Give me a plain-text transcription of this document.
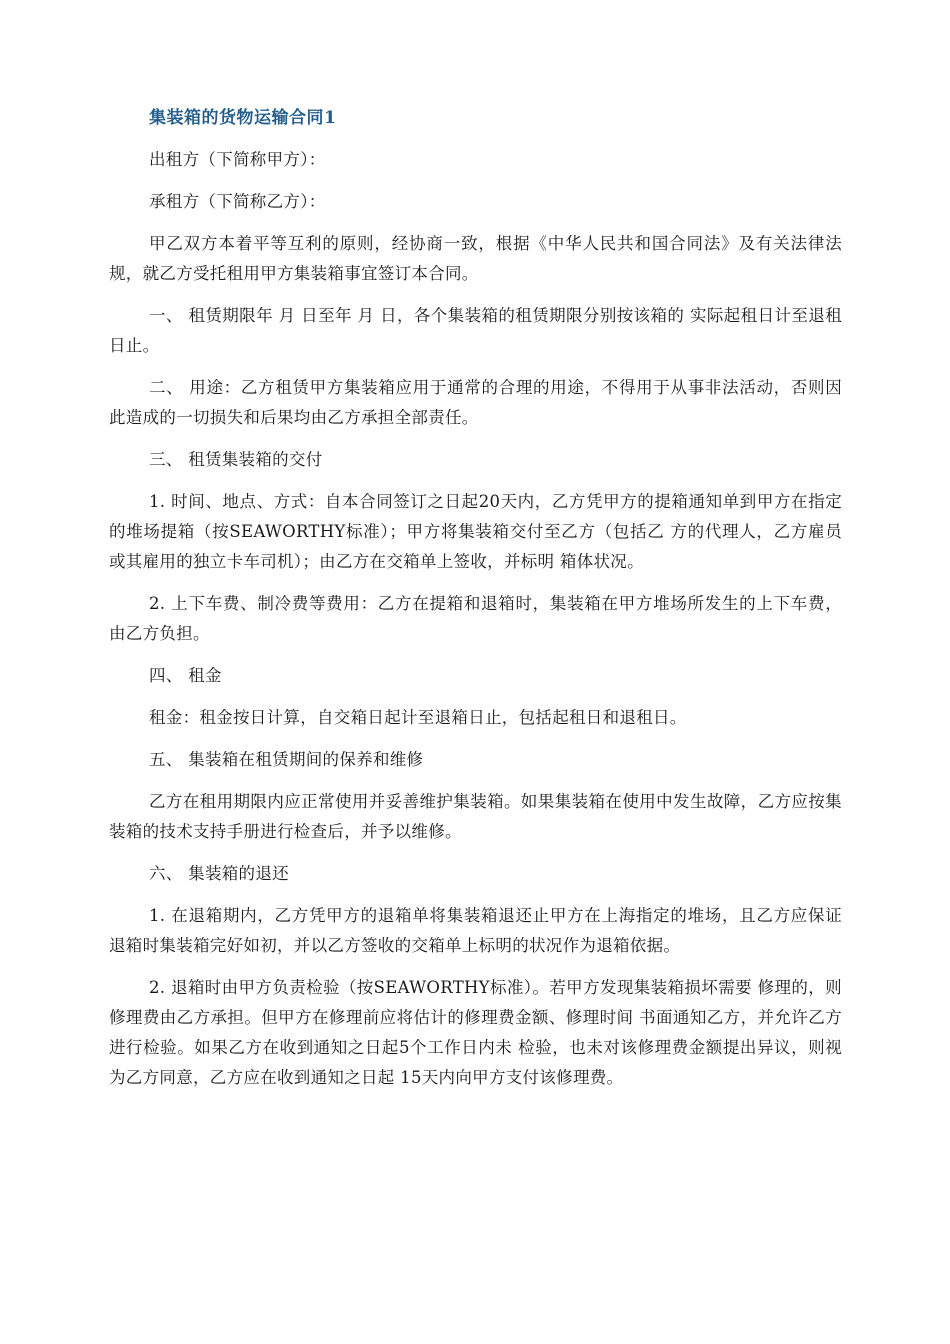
集装箱的货物运输合同1

出租方（下简称甲方）：

承租方（下简称乙方）：

甲乙双方本着平等互利的原则，经协商一致，根据《中华人民共和国合同法》及有关法律法规，就乙方受托租用甲方集装箱事宜签订本合同。

一、 租赁期限年 月 日至年 月 日，各个集装箱的租赁期限分别按该箱的 实际起租日计至退租日止。

二、 用途：乙方租赁甲方集装箱应用于通常的合理的用途，不得用于从事非法活动，否则因此造成的一切损失和后果均由乙方承担全部责任。

三、 租赁集装箱的交付

1. 时间、地点、方式：自本合同签订之日起20天内，乙方凭甲方的提箱通知单到甲方在指定的堆场提箱（按SEAWORTHY标准）；甲方将集装箱交付至乙方（包括乙 方的代理人，乙方雇员或其雇用的独立卡车司机）；由乙方在交箱单上签收，并标明 箱体状况。

2. 上下车费、制冷费等费用：乙方在提箱和退箱时，集装箱在甲方堆场所发生的上下车费，由乙方负担。

四、 租金

租金：租金按日计算，自交箱日起计至退箱日止，包括起租日和退租日。

五、 集装箱在租赁期间的保养和维修

乙方在租用期限内应正常使用并妥善维护集装箱。如果集装箱在使用中发生故障，乙方应按集装箱的技术支持手册进行检查后，并予以维修。

六、 集装箱的退还

1. 在退箱期内，乙方凭甲方的退箱单将集装箱退还止甲方在上海指定的堆场，且乙方应保证退箱时集装箱完好如初，并以乙方签收的交箱单上标明的状况作为退箱依据。

2. 退箱时由甲方负责检验（按SEAWORTHY标准）。若甲方发现集装箱损坏需要 修理的，则修理费由乙方承担。但甲方在修理前应将估计的修理费金额、修理时间 书面通知乙方，并允许乙方进行检验。如果乙方在收到通知之日起5个工作日内未 检验，也未对该修理费金额提出异议，则视为乙方同意，乙方应在收到通知之日起 15天内向甲方支付该修理费。
